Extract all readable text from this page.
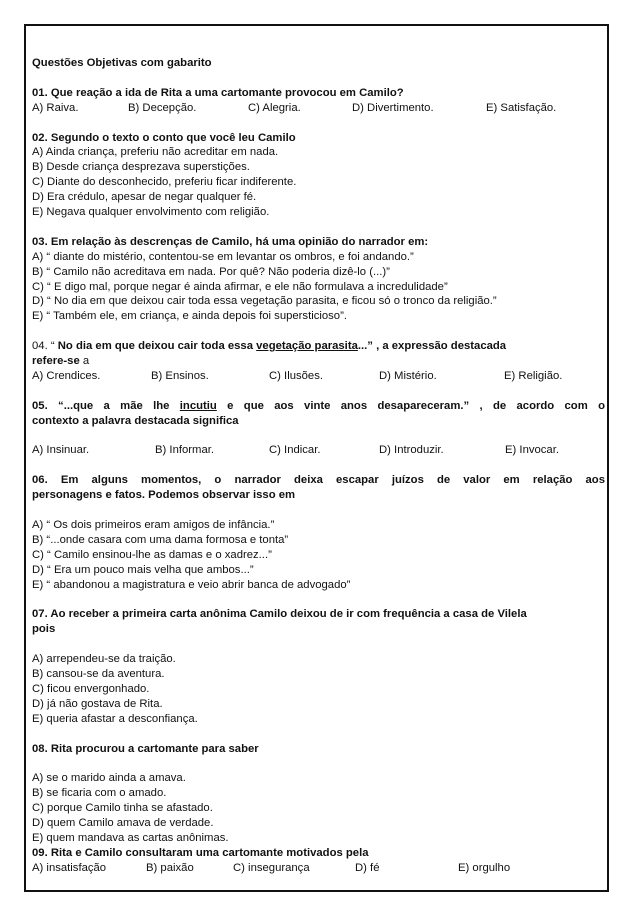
Questões Objetivas com gabarito
01. Que reação a ida de Rita a uma cartomante provocou em Camilo?
A) Raiva.	B) Decepção.	C) Alegria.	D) Divertimento.	E) Satisfação.
02. Segundo o texto o conto que você leu Camilo
A) Ainda criança, preferiu não acreditar em nada.
B) Desde criança desprezava superstições.
C) Diante do desconhecido, preferiu ficar indiferente.
D) Era crédulo, apesar de negar qualquer fé.
E) Negava qualquer envolvimento com religião.
03. Em relação às descrenças de Camilo, há uma opinião do narrador em:
A) “ diante do mistério, contentou-se em levantar os ombros, e foi andando.”
B) “ Camilo não acreditava em nada. Por quê? Não poderia dizê-lo (...)”
C) “ E digo mal, porque negar é ainda afirmar, e ele não formulava a incredulidade”
D) “ No dia em que deixou cair toda essa vegetação parasita, e ficou só o tronco da religião.”
E) “ Também ele, em criança, e ainda depois foi supersticioso”.
04. “ No dia em que deixou cair toda essa vegetação parasita...” , a expressão destacada
refere-se a
A) Crendices.	B) Ensinos.	C) Ilusões.	D) Mistério.	E) Religião.
05. “...que a mãe lhe incutiu e que aos vinte anos desapareceram.” , de acordo com o
contexto a palavra destacada significa
A) Insinuar.	B) Informar.	C) Indicar.	D) Introduzir.	E) Invocar.
06. Em alguns momentos, o narrador deixa escapar juízos de valor em relação aos
personagens e fatos. Podemos observar isso em
A) “ Os dois primeiros eram amigos de infância.”
B) “...onde casara com uma dama formosa e tonta”
C) “ Camilo ensinou-lhe as damas e o xadrez...”
D) “ Era um pouco mais velha que ambos...”
E) “ abandonou a magistratura e veio abrir banca de advogado”
07. Ao receber a primeira carta anônima Camilo deixou de ir com frequência a casa de Vilela
pois
A) arrependeu-se da traição.
B) cansou-se da aventura.
C) ficou envergonhado.
D) já não gostava de Rita.
E) queria afastar a desconfiança.
08. Rita procurou a cartomante para saber
A) se o marido ainda a amava.
B) se ficaria com o amado.
C) porque Camilo tinha se afastado.
D) quem Camilo amava de verdade.
E) quem mandava as cartas anônimas.
09. Rita e Camilo consultaram uma cartomante motivados pela
A) insatisfação	B) paixão	C) insegurança	D) fé	E) orgulho
